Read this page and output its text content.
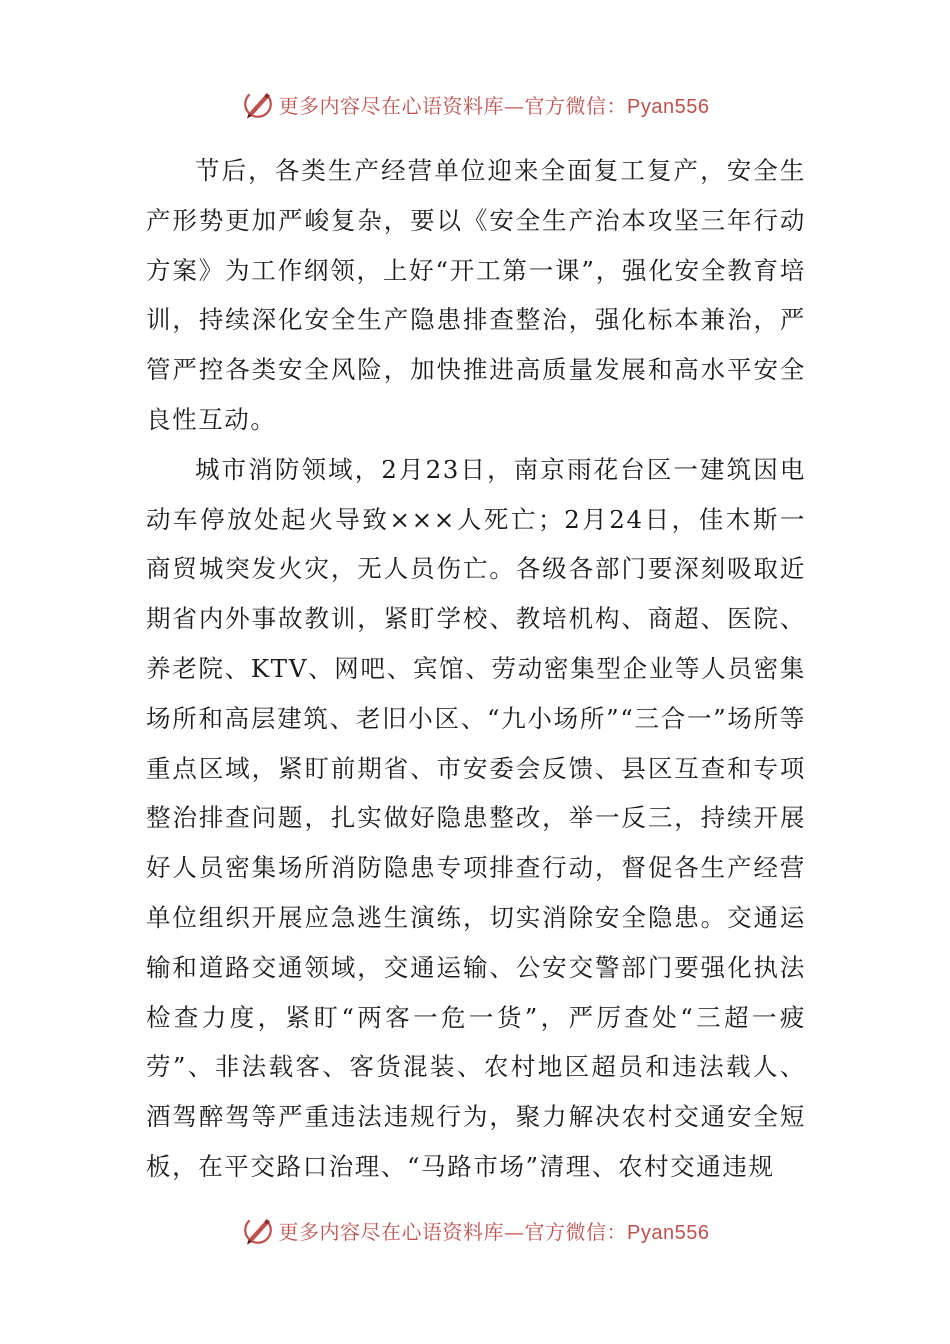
更多内容尽在心语资料库—官方微信：Pyan556

节后，各类生产经营单位迎来全面复工复产，安全生产形势更加严峻复杂，要以《安全生产治本攻坚三年行动方案》为工作纲领，上好“开工第一课”，强化安全教育培训，持续深化安全生产隐患排查整治，强化标本兼治，严管严控各类安全风险，加快推进高质量发展和高水平安全良性互动。

城市消防领域，2月23日，南京雨花台区一建筑因电动车停放处起火导致×××人死亡；2月24日，佳木斯一商贸城突发火灾，无人员伤亡。各级各部门要深刻吸取近期省内外事故教训，紧盯学校、教培机构、商超、医院、养老院、KTV、网吧、宾馆、劳动密集型企业等人员密集场所和高层建筑、老旧小区、“九小场所”“三合一”场所等重点区域，紧盯前期省、市安委会反馈、县区互查和专项整治排查问题，扎实做好隐患整改，举一反三，持续开展好人员密集场所消防隐患专项排查行动，督促各生产经营单位组织开展应急逃生演练，切实消除安全隐患。交通运输和道路交通领域，交通运输、公安交警部门要强化执法检查力度，紧盯“两客一危一货”，严厉查处“三超一疲劳”、非法载客、客货混装、农村地区超员和违法载人、酒驾醉驾等严重违法违规行为，聚力解决农村交通安全短板，在平交路口治理、“马路市场”清理、农村交通违规

更多内容尽在心语资料库—官方微信：Pyan556
